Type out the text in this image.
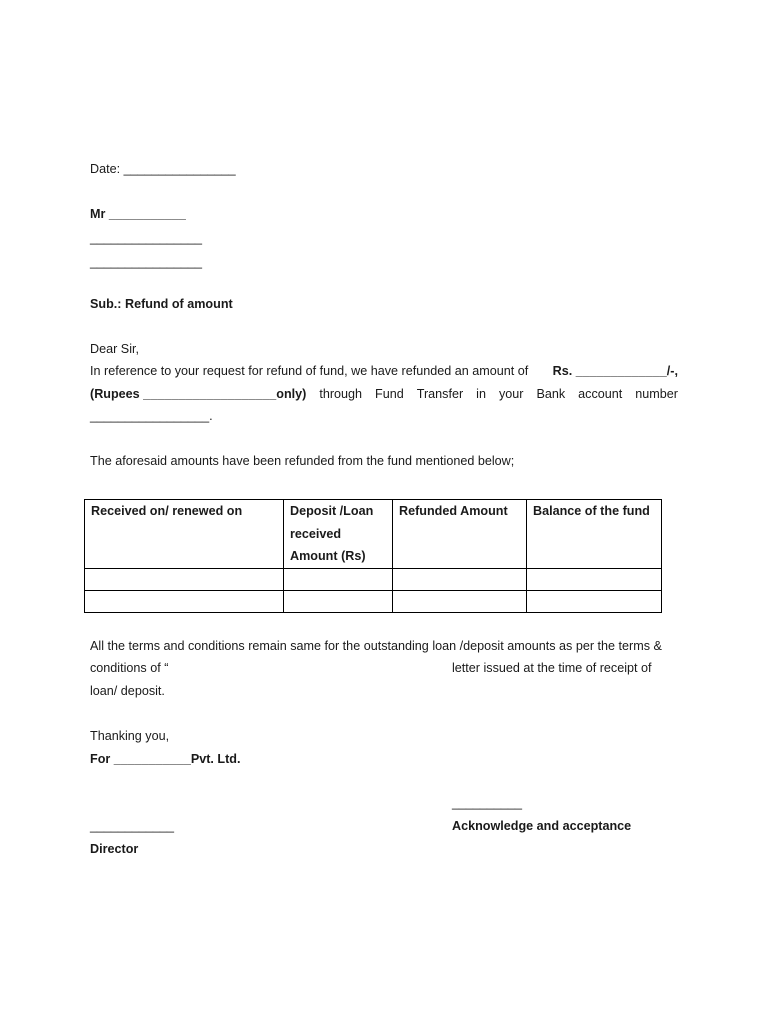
Date: ________________
Mr ___________
________________
________________
Sub.: Refund of amount
Dear Sir,
In reference to your request for refund of fund, we have refunded an amount of Rs. _____________/-,
(Rupees ___________________only) through Fund Transfer in your Bank account number
_________________.
The aforesaid amounts have been refunded from the fund mentioned below;
Received on/ renewed on	Deposit /Loan received Amount (Rs)	Refunded Amount	Balance of the fund

All the terms and conditions remain same for the outstanding loan /deposit amounts as per the terms &
conditions of “	letter issued at the time of receipt of
loan/ deposit.
Thanking you,
For ___________Pvt. Ltd.
__________
Acknowledge and acceptance
____________
Director
